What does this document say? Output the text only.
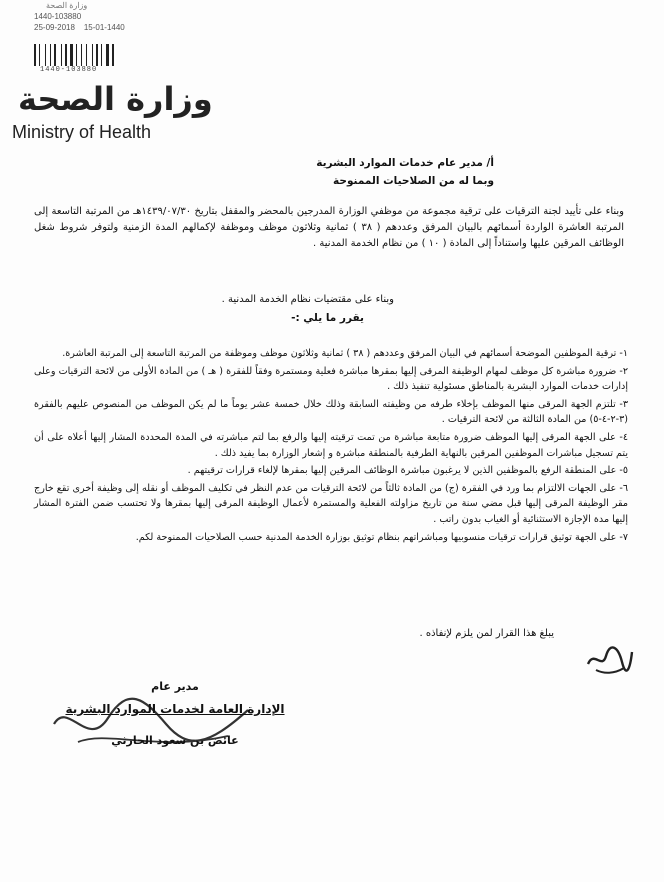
وزارة الصحة
1440-103880
25-09-2018 15-01-1440
1440-103880
وزارة الصحة
Ministry of Health
أ/ مدير عام خدمات الموارد البشرية
وبما له من الصلاحيات الممنوحة
وبناء على تأييد لجنة الترقيات على ترقية مجموعة من موظفي الوزارة المدرجين بالمحضر والمقفل بتاريخ ١٤٣٩/٠٧/٣٠هـ من المرتبة التاسعة إلى المرتبة العاشرة الواردة أسمائهم بالبيان المرفق وعددهم ( ٣٨ ) ثمانية وثلاثون موظف وموظفة لإكمالهم المدة الزمنية ولتوفر شروط شغل الوظائف المرقين عليها واستناداً إلى المادة ( ١٠ ) من نظام الخدمة المدنية .
وبناء على مقتضيات نظام الخدمة المدنية .
يقرر ما يلي :-
١- ترقية الموظفين الموضحة أسمائهم في البيان المرفق وعددهم ( ٣٨ ) ثمانية وثلاثون موظف وموظفة من المرتبة التاسعة إلى المرتبة العاشرة.
٢- ضرورة مباشرة كل موظف لمهام الوظيفة المرقى إليها بمقرها مباشرة فعلية ومستمرة وفقاً للفقرة ( هـ ) من المادة الأولى من لائحة الترقيات وعلى إدارات خدمات الموارد البشرية بالمناطق مسئولية تنفيذ ذلك .
٣- تلتزم الجهة المرقى منها الموظف بإخلاء طرفه من وظيفته السابقة وذلك خلال خمسة عشر يوماً ما لم يكن الموظف من المنصوص عليهم بالفقرة (٣-٢-٤-٥) من المادة الثالثة من لائحة الترقيات .
٤- على الجهة المرقى إليها الموظف ضرورة متابعة مباشرة من تمت ترقيته إليها والرفع بما لتم مباشرته في المدة المحددة المشار إليها أعلاه على أن يتم تسجيل مباشرات الموظفين المرقين بالنهاية الطرفية بالمنطقة مباشرة و إشعار الوزارة بما يفيد ذلك .
٥- على المنطقة الرفع بالموظفين الذين لا يرغبون مباشرة الوظائف المرقين إليها بمقرها لإلغاء قرارات ترقيتهم .
٦- على الجهات الالتزام بما ورد في الفقرة (ج) من المادة ثالثاً من لائحة الترقيات من عدم النظر في تكليف الموظف أو نقله إلى وظيفة أخرى تقع خارج مقر الوظيفة المرقى إليها قبل مضي سنة من تاريخ مزاولته الفعلية والمستمرة لأعمال الوظيفة المرقى إليها بمقرها ولا تحتسب ضمن الفترة المشار إليها مدة الإجازة الاستثنائية أو الغياب بدون راتب .
٧- على الجهة توثيق قرارات ترقيات منسوبيها ومباشراتهم بنظام توثيق بوزارة الخدمة المدنية حسب الصلاحيات الممنوحة لكم.
يبلغ هذا القرار لمن يلزم لإنفاذه .
مدير عام
الإدارة العامة لخدمات الموارد البشرية
عائض بن سعود الحارثي
